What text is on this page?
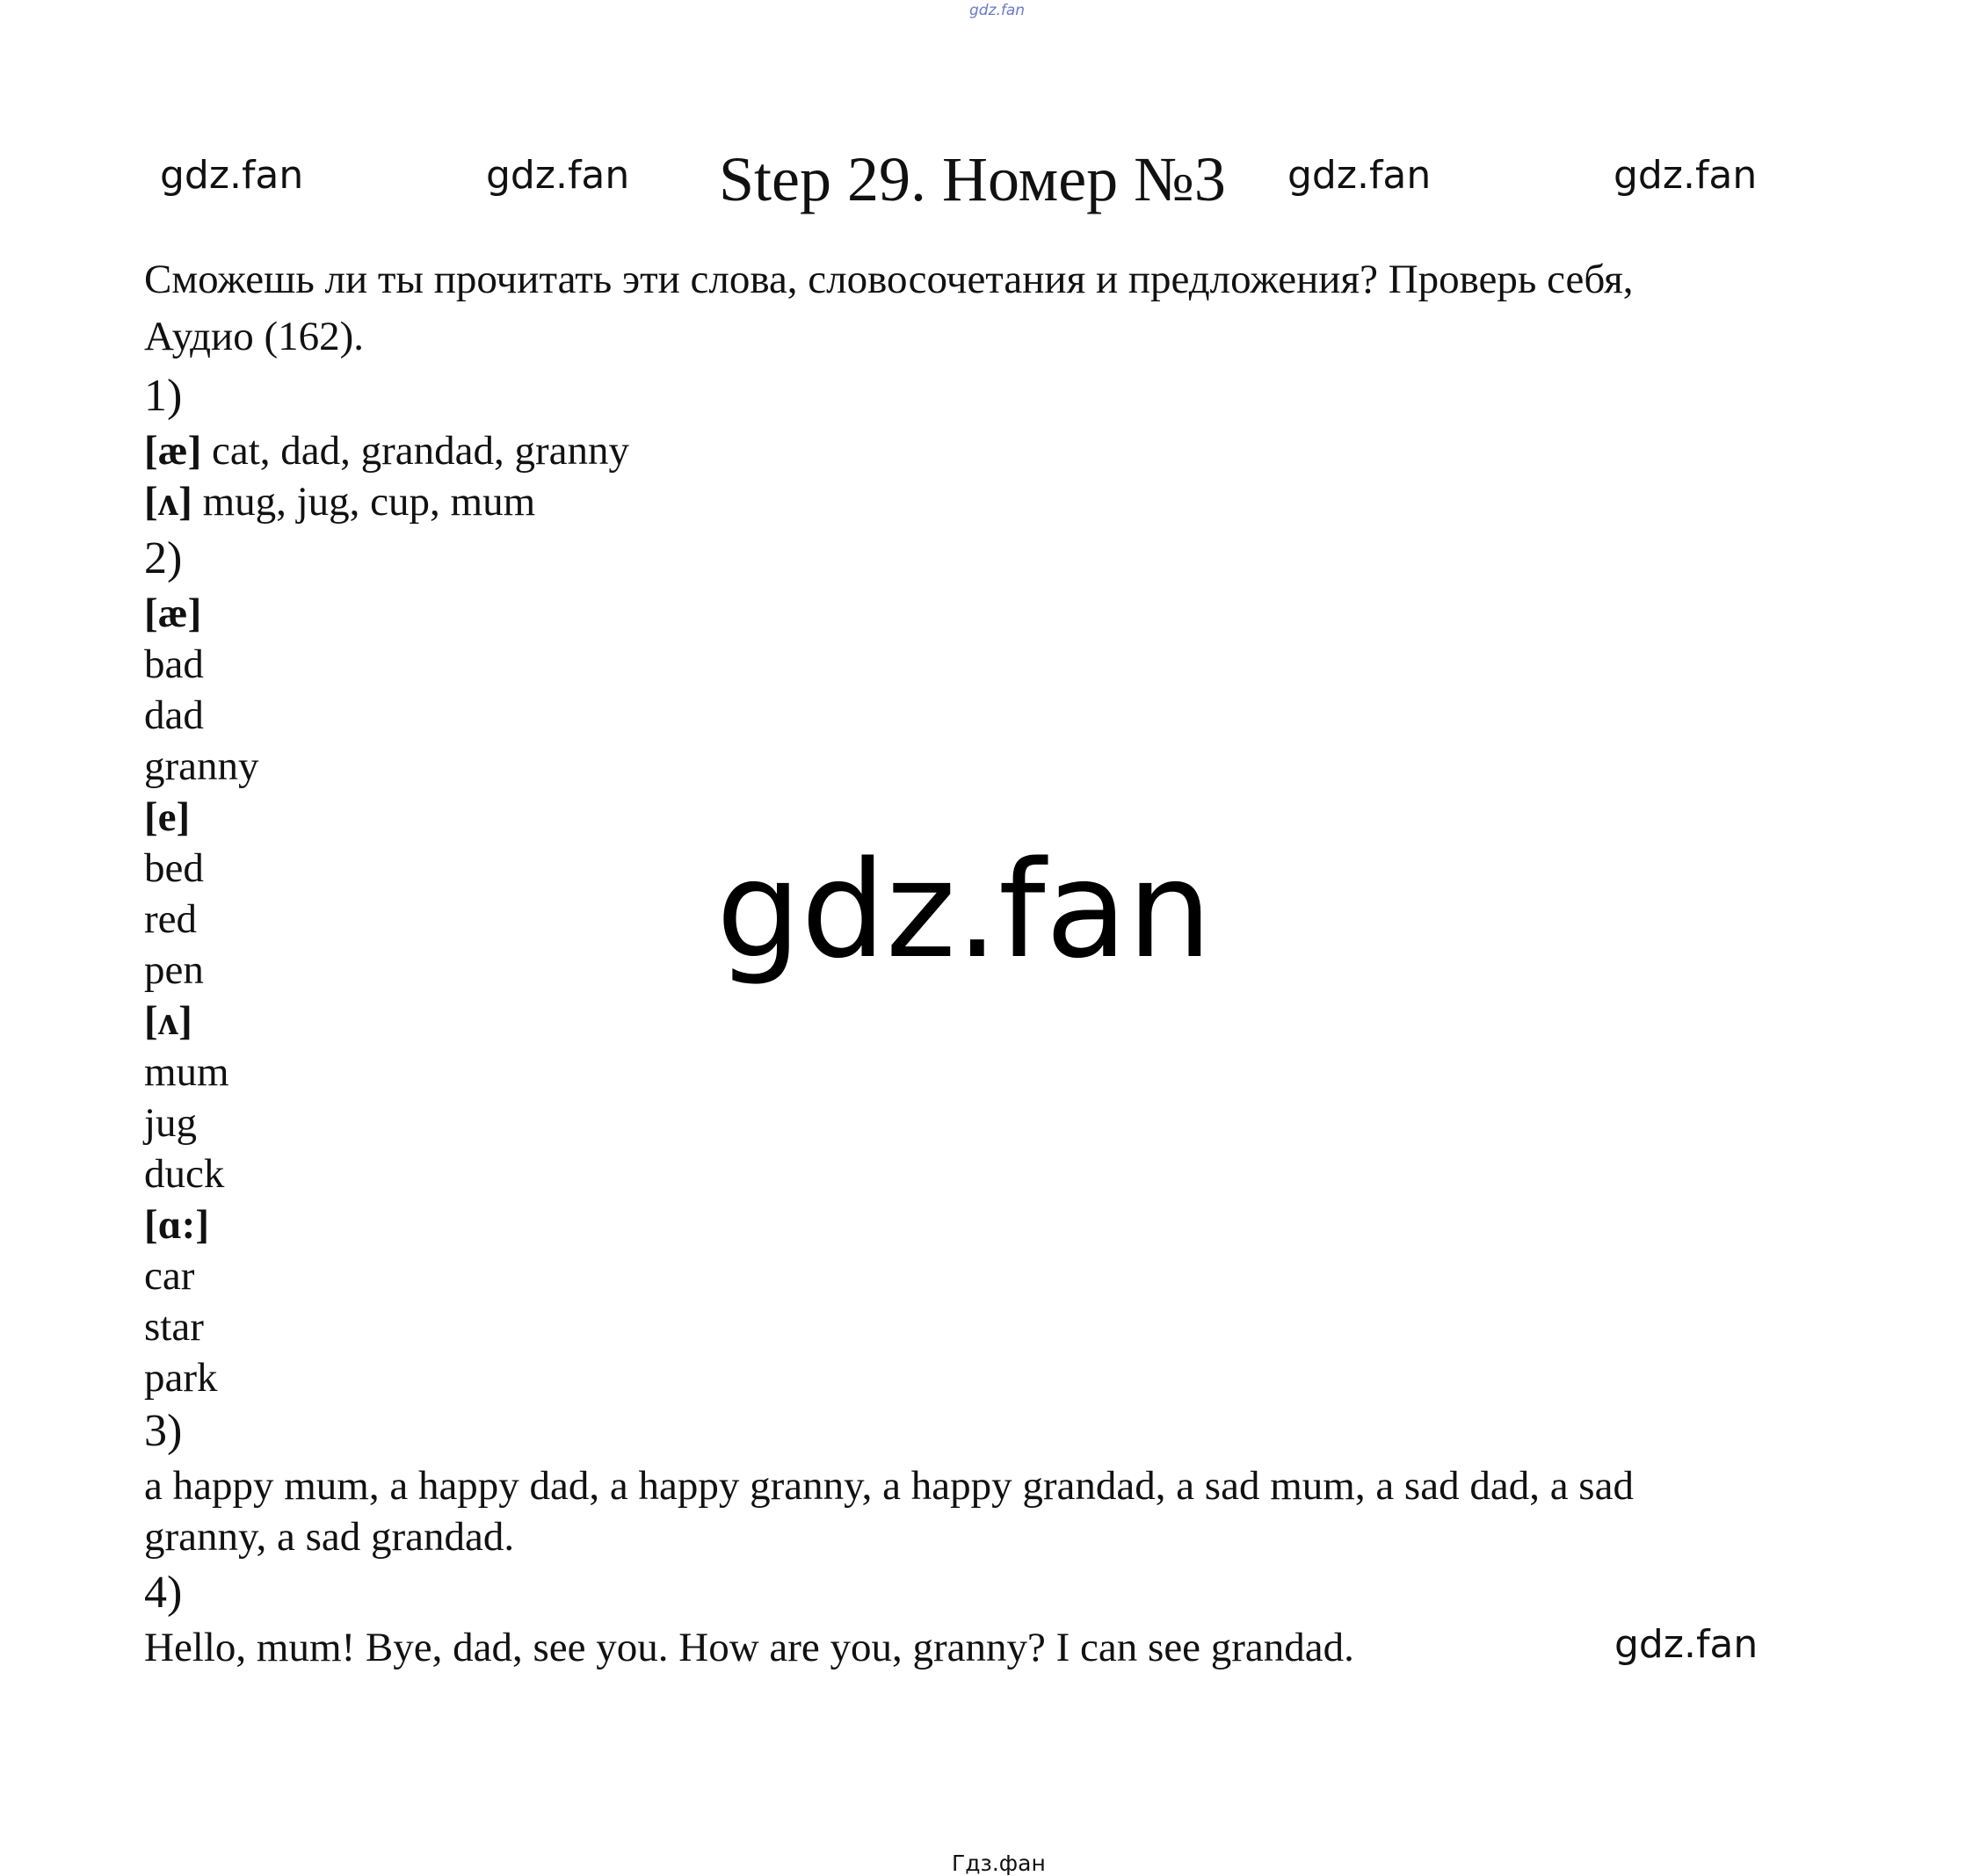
gdz.fan
gdz.fan	gdz.fan	gdz.fan	gdz.fan
Step 29. Номер №3
Сможешь ли ты прочитать эти слова, словосочетания и предложения? Проверь себя,
Аудио (162).
1)
[æ] cat, dad, grandad, granny
[ʌ] mug, jug, cup, mum
2)
[æ]
bad
dad
granny
[e]
bed
red
pen
[ʌ]
mum
jug
duck
[ɑ:]
car
star
park
3)
a happy mum, a happy dad, a happy granny, a happy grandad, a sad mum, a sad dad, a sad
granny, a sad grandad.
4)
Hello, mum! Bye, dad, see you. How are you, granny? I can see grandad.
gdz.fan
gdz.fan
Гдз.фан
